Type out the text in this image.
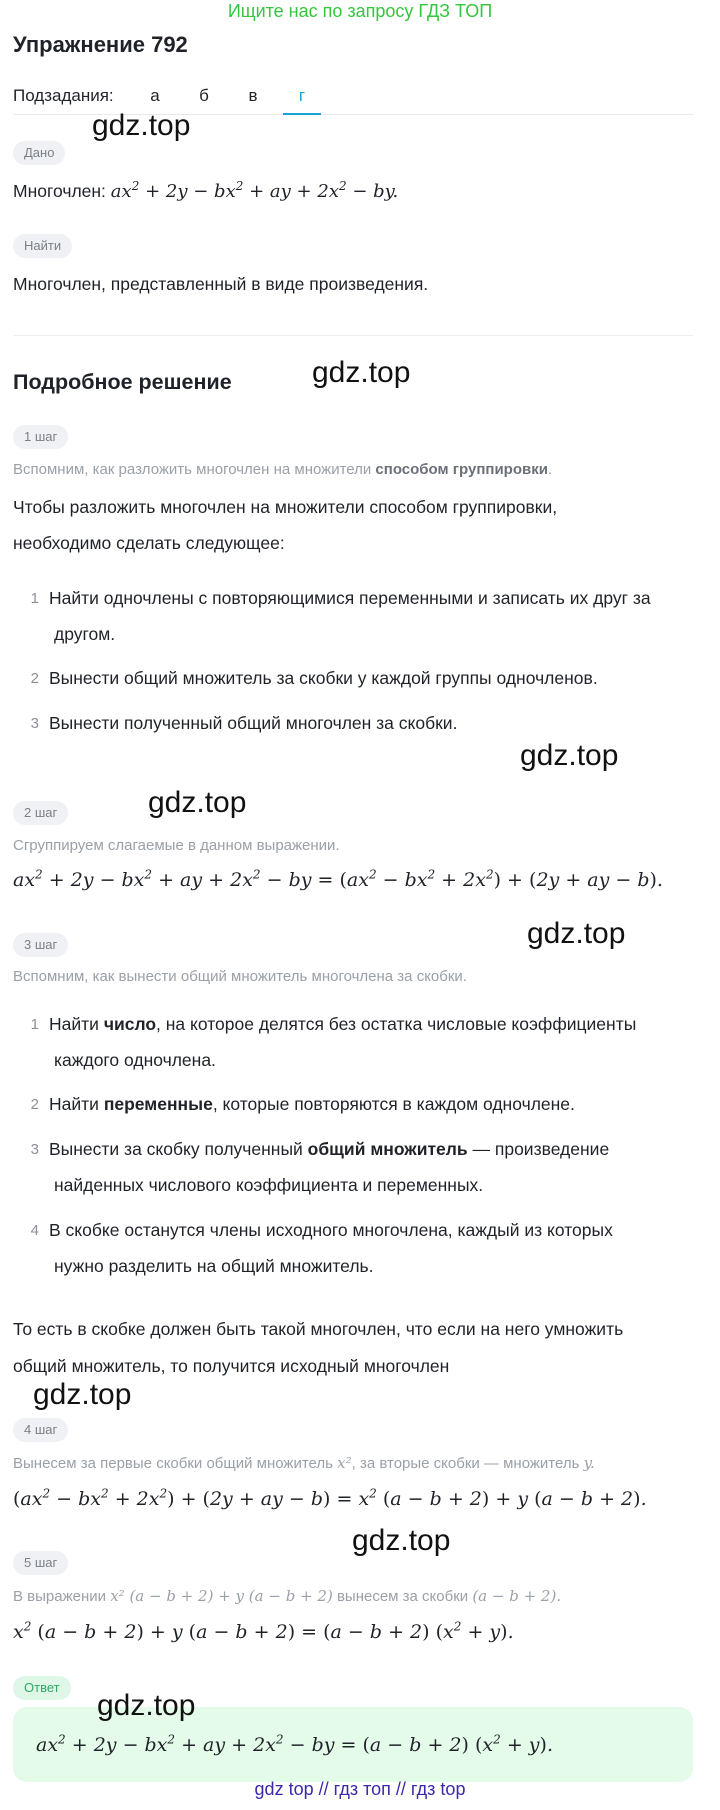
Ищите нас по запросу ГДЗ ТОП
Упражнение 792
Подзадания:	а	б	в	г
Дано
Многочлен: $ax^2 + 2y - bx^2$ + ay + $2x^2$ − by.
Найти
Многочлен, представленный в виде произведения.
Подробное решение
1 шаг
Вспомним, как разложить многочлен на множители способом группировки.
Чтобы разложить многочлен на множители способом группировки,
необходимо сделать следующее:
1 Найти одночлены с повторяющимися переменными и записать их друг за
другом.
2 Вынести общий множитель за скобки у каждой группы одночленов.
3 Вынести полученный общий многочлен за скобки.
2 шаг
Сгруппируем слагаемые в данном выражении.
$ax^2 + 2y - bx^2$ + ay + $2x^2$ − by = $(ax^2 - bx^2 + 2x^2) + (2y$ + ay − b).
3 шаг
Вспомним, как вынести общий множитель многочлена за скобки.
1 Найти число, на которое делятся без остатка числовые коэффициенты
каждого одночлена.
2 Найти переменные, которые повторяются в каждом одночлене.
3 Вынести за скобку полученный общий множитель — произведение
найденных числового коэффициента и переменных.
4 В скобке останутся члены исходного многочлена, каждый из которых
нужно разделить на общий множитель.
То есть в скобке должен быть такой многочлен, что если на него умножить
общий множитель, то получится исходный многочлен
4 шаг
Вынесем за первые скобки общий множитель x², за вторые скобки — множитель y.
$(ax^2 - bx^2 + 2x^2) + (2y$ + ay − $b) = x^2$ (a − b + 2) + y (a − b + 2).
5 шаг
В выражении x² (a − b + 2) + y (a − b + 2) вынесем за скобки (a − b + 2).
$x^2$ (a − b + 2) + y (a − b + 2) = (a − b + 2) $(x^2 + y)$.
Ответ
$ax^2 + 2y - bx^2$ + ay + $2x^2$ − by = (a − b + 2) $(x^2 + y)$.
gdz.top
gdz.top
gdz.top
gdz.top
gdz.top
gdz.top
gdz.top
gdz.top
gdz top // гдз топ // гдз top
